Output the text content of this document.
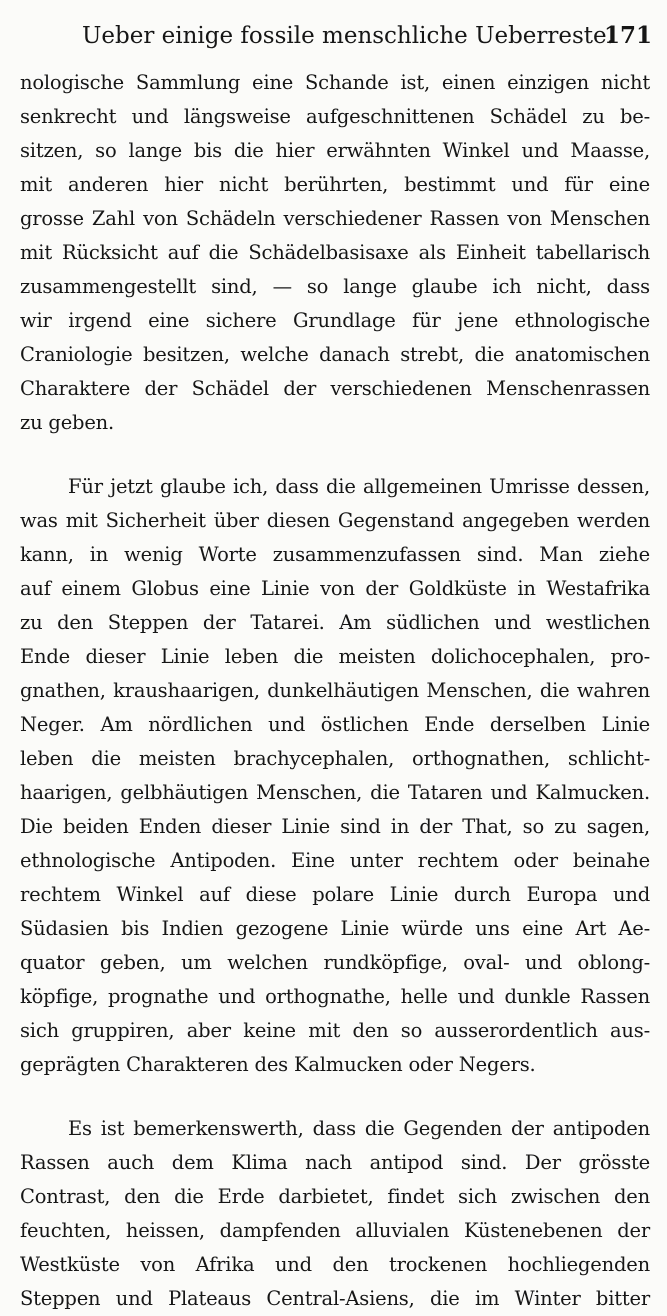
Ueber einige fossile menschliche Ueberreste.
171
nologische Sammlung eine Schande ist, einen einzigen nicht
senkrecht und längsweise aufgeschnittenen Schädel zu be-
sitzen, so lange bis die hier erwähnten Winkel und Maasse,
mit anderen hier nicht berührten, bestimmt und für eine
grosse Zahl von Schädeln verschiedener Rassen von Menschen
mit Rücksicht auf die Schädelbasisaxe als Einheit tabellarisch
zusammengestellt sind, — so lange glaube ich nicht, dass
wir irgend eine sichere Grundlage für jene ethnologische
Craniologie besitzen, welche danach strebt, die anatomischen
Charaktere der Schädel der verschiedenen Menschenrassen
zu geben.
Für jetzt glaube ich, dass die allgemeinen Umrisse dessen,
was mit Sicherheit über diesen Gegenstand angegeben werden
kann, in wenig Worte zusammenzufassen sind. Man ziehe
auf einem Globus eine Linie von der Goldküste in Westafrika
zu den Steppen der Tatarei. Am südlichen und westlichen
Ende dieser Linie leben die meisten dolichocephalen, pro-
gnathen, kraushaarigen, dunkelhäutigen Menschen, die wahren
Neger. Am nördlichen und östlichen Ende derselben Linie
leben die meisten brachycephalen, orthognathen, schlicht-
haarigen, gelbhäutigen Menschen, die Tataren und Kalmucken.
Die beiden Enden dieser Linie sind in der That, so zu sagen,
ethnologische Antipoden. Eine unter rechtem oder beinahe
rechtem Winkel auf diese polare Linie durch Europa und
Südasien bis Indien gezogene Linie würde uns eine Art Ae-
quator geben, um welchen rundköpfige, oval- und oblong-
köpfige, prognathe und orthognathe, helle und dunkle Rassen
sich gruppiren, aber keine mit den so ausserordentlich aus-
geprägten Charakteren des Kalmucken oder Negers.
Es ist bemerkenswerth, dass die Gegenden der antipoden
Rassen auch dem Klima nach antipod sind. Der grösste
Contrast, den die Erde darbietet, findet sich zwischen den
feuchten, heissen, dampfenden alluvialen Küstenebenen der
Westküste von Afrika und den trockenen hochliegenden
Steppen und Plateaus Central-Asiens, die im Winter bitter
